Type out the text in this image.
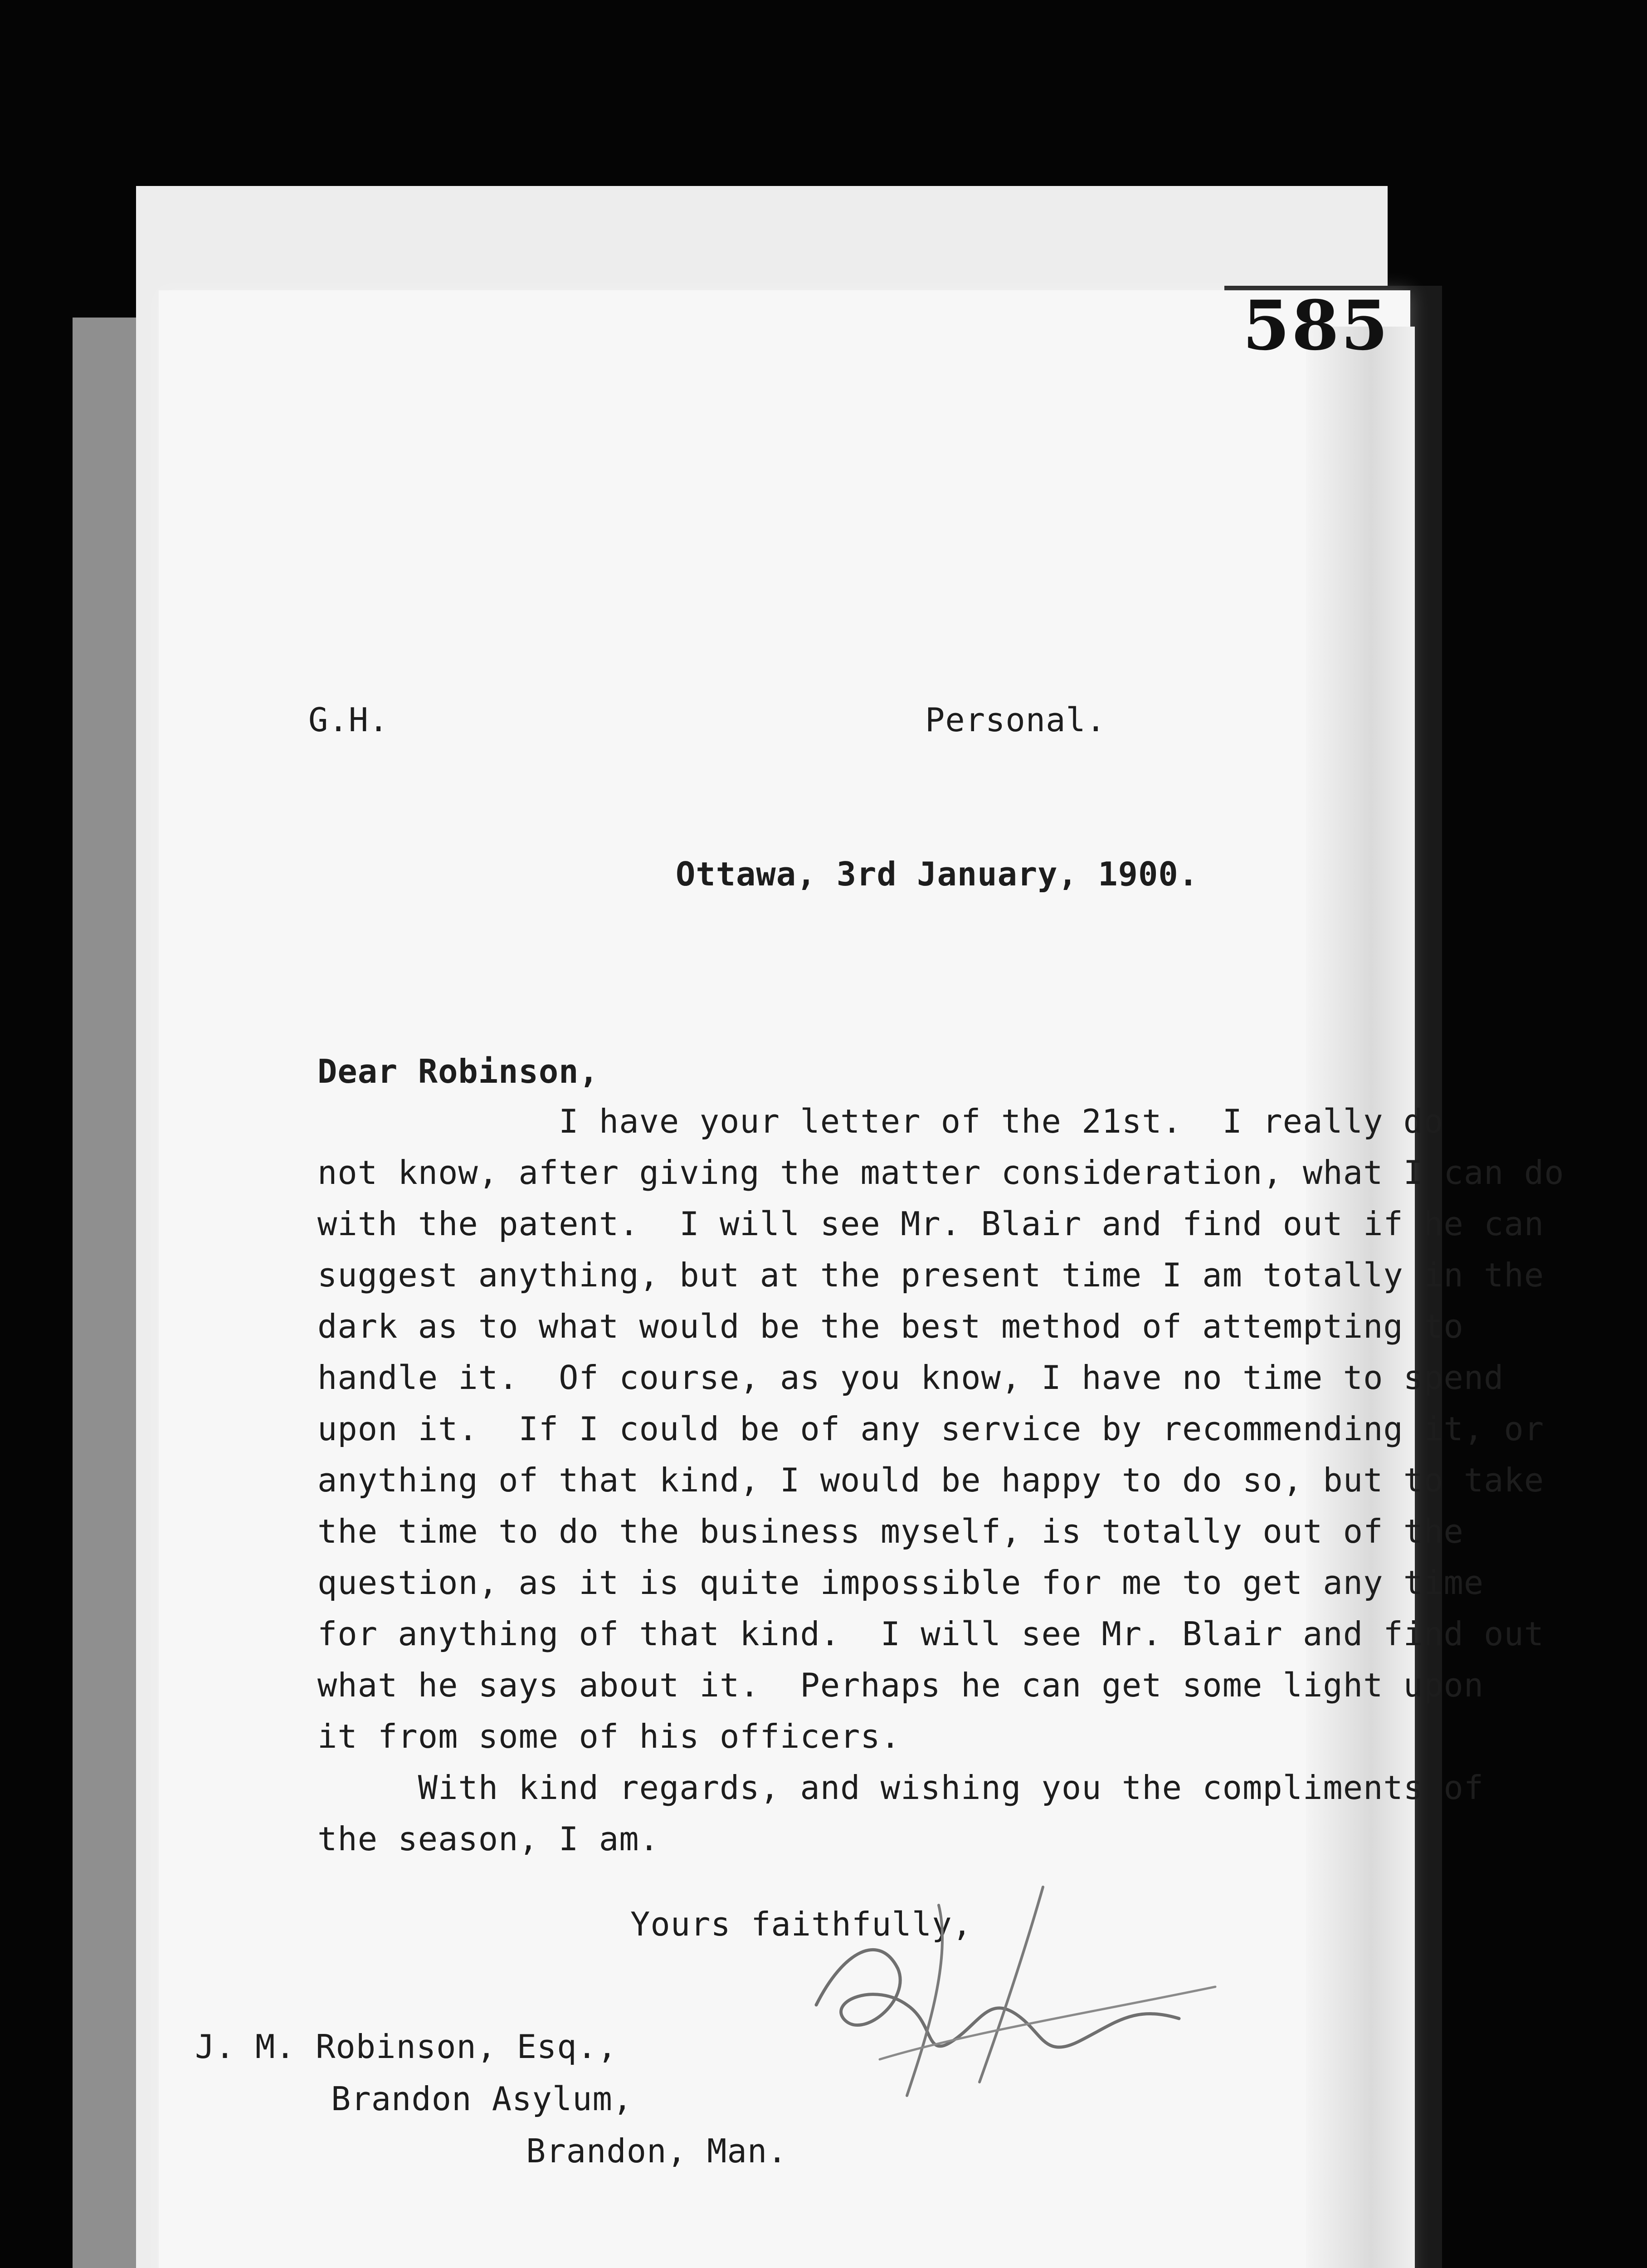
585
G.H.	Personal.
Ottawa, 3rd January, 1900.
Dear Robinson,
I have your letter of the 21st.  I really do
not know, after giving the matter consideration, what I can do
with the patent.  I will see Mr. Blair and find out if he can
suggest anything, but at the present time I am totally in the
dark as to what would be the best method of attempting to
handle it.  Of course, as you know, I have no time to spend
upon it.  If I could be of any service by recommending it, or
anything of that kind, I would be happy to do so, but to take
the time to do the business myself, is totally out of the
question, as it is quite impossible for me to get any time
for anything of that kind.  I will see Mr. Blair and find out
what he says about it.  Perhaps he can get some light upon
it from some of his officers.
With kind regards, and wishing you the compliments of
the season, I am.
Yours faithfully,
J. M. Robinson, Esq.,
Brandon Asylum,
Brandon, Man.
